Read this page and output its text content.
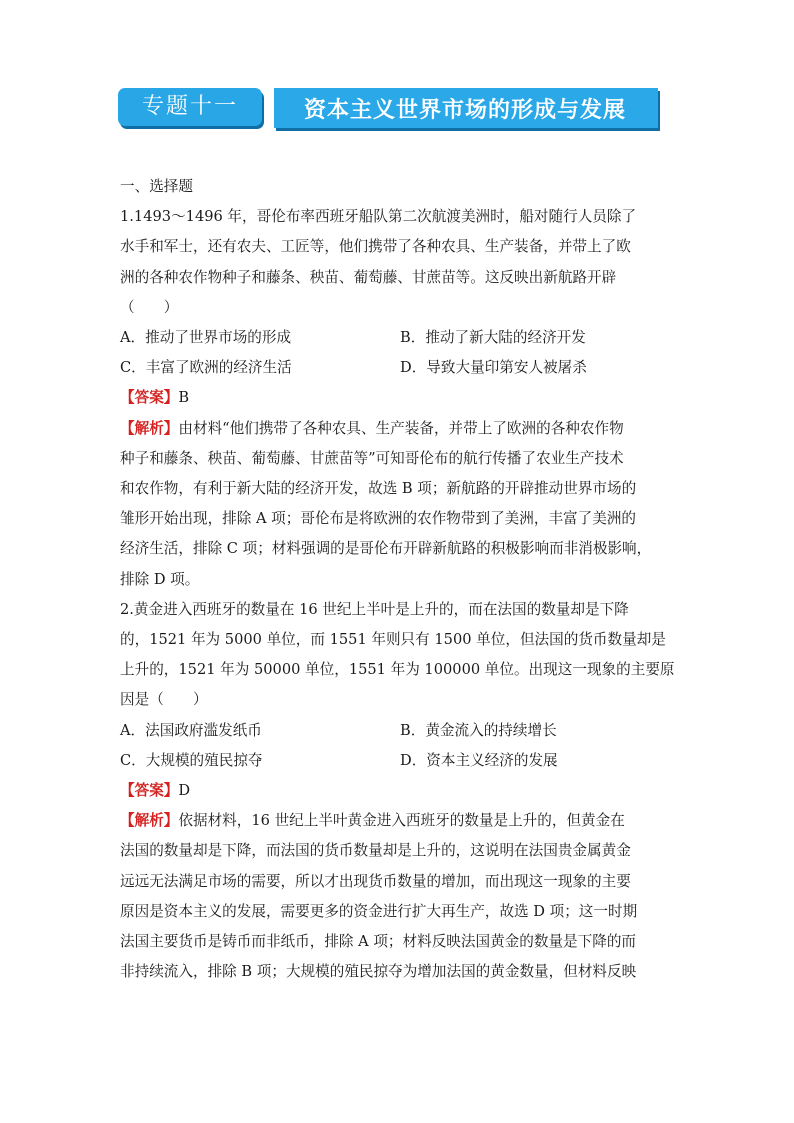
专题十一	资本主义世界市场的形成与发展
一、选择题
1.1493～1496 年，哥伦布率西班牙船队第二次航渡美洲时，船对随行人员除了
水手和军士，还有农夫、工匠等，他们携带了各种农具、生产装备，并带上了欧
洲的各种农作物种子和藤条、秧苗、葡萄藤、甘蔗苗等。这反映出新航路开辟
（　　）
A．推动了世界市场的形成	B．推动了新大陆的经济开发
C．丰富了欧洲的经济生活	D．导致大量印第安人被屠杀
【答案】B
【解析】由材料“他们携带了各种农具、生产装备，并带上了欧洲的各种农作物
种子和藤条、秧苗、葡萄藤、甘蔗苗等”可知哥伦布的航行传播了农业生产技术
和农作物，有利于新大陆的经济开发，故选 B 项；新航路的开辟推动世界市场的
雏形开始出现，排除 A 项；哥伦布是将欧洲的农作物带到了美洲，丰富了美洲的
经济生活，排除 C 项；材料强调的是哥伦布开辟新航路的积极影响而非消极影响，
排除 D 项。
2.黄金进入西班牙的数量在 16 世纪上半叶是上升的，而在法国的数量却是下降
的，1521 年为 5000 单位，而 1551 年则只有 1500 单位，但法国的货币数量却是
上升的，1521 年为 50000 单位，1551 年为 100000 单位。出现这一现象的主要原
因是（　　）
A．法国政府滥发纸币	B．黄金流入的持续增长
C．大规模的殖民掠夺	D．资本主义经济的发展
【答案】D
【解析】依据材料，16 世纪上半叶黄金进入西班牙的数量是上升的，但黄金在
法国的数量却是下降，而法国的货币数量却是上升的，这说明在法国贵金属黄金
远远无法满足市场的需要，所以才出现货币数量的增加，而出现这一现象的主要
原因是资本主义的发展，需要更多的资金进行扩大再生产，故选 D 项；这一时期
法国主要货币是铸币而非纸币，排除 A 项；材料反映法国黄金的数量是下降的而
非持续流入，排除 B 项；大规模的殖民掠夺为增加法国的黄金数量，但材料反映
